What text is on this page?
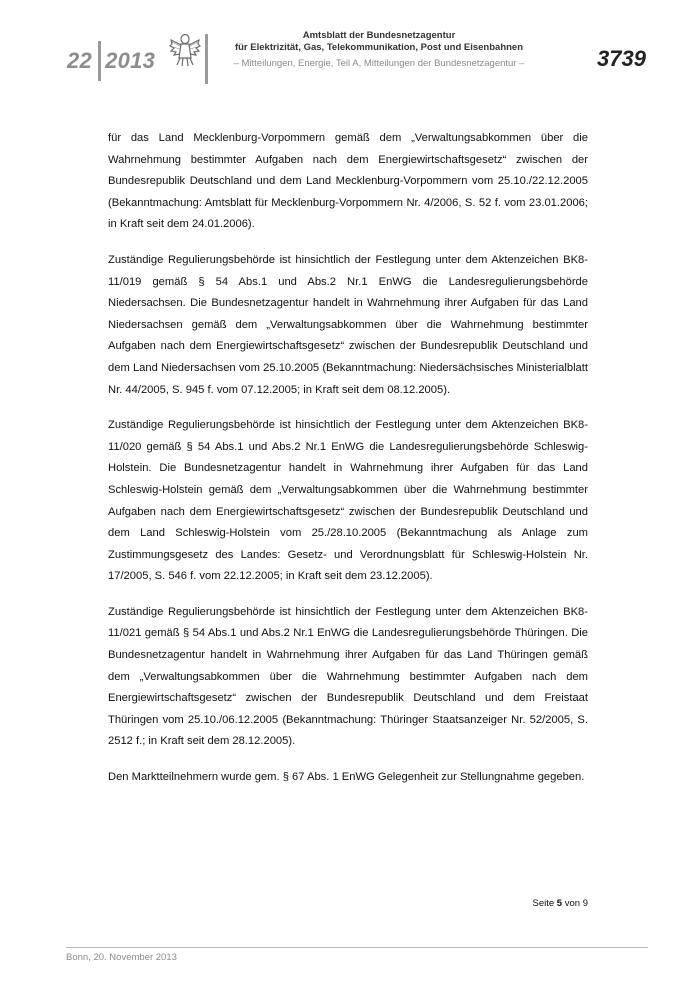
22 2013
Amtsblatt der Bundesnetzagentur
für Elektrizität, Gas, Telekommunikation, Post und Eisenbahnen
– Mitteilungen, Energie, Teil A, Mitteilungen der Bundesnetzagentur –	3739

für das Land Mecklenburg-Vorpommern gemäß dem „Verwaltungsabkommen über die Wahrnehmung bestimmter Aufgaben nach dem Energiewirtschaftsgesetz“ zwischen der Bundesrepublik Deutschland und dem Land Mecklenburg-Vorpommern vom 25.10./22.12.2005 (Bekanntmachung: Amtsblatt für Mecklenburg-Vorpommern Nr. 4/2006, S. 52 f. vom 23.01.2006; in Kraft seit dem 24.01.2006).

Zuständige Regulierungsbehörde ist hinsichtlich der Festlegung unter dem Aktenzeichen BK8-11/019 gemäß § 54 Abs.1 und Abs.2 Nr.1 EnWG die Landesregulierungsbehörde Niedersachsen. Die Bundesnetzagentur handelt in Wahrnehmung ihrer Aufgaben für das Land Niedersachsen gemäß dem „Verwaltungsabkommen über die Wahrnehmung bestimmter Aufgaben nach dem Energiewirtschaftsgesetz“ zwischen der Bundesrepublik Deutschland und dem Land Niedersachsen vom 25.10.2005 (Bekanntmachung: Niedersächsisches Ministerialblatt Nr. 44/2005, S. 945 f. vom 07.12.2005; in Kraft seit dem 08.12.2005).

Zuständige Regulierungsbehörde ist hinsichtlich der Festlegung unter dem Aktenzeichen BK8-11/020 gemäß § 54 Abs.1 und Abs.2 Nr.1 EnWG die Landesregulierungsbehörde Schleswig-Holstein. Die Bundesnetzagentur handelt in Wahrnehmung ihrer Aufgaben für das Land Schleswig-Holstein gemäß dem „Verwaltungsabkommen über die Wahrnehmung bestimmter Aufgaben nach dem Energiewirtschaftsgesetz“ zwischen der Bundesrepublik Deutschland und dem Land Schleswig-Holstein vom 25./28.10.2005 (Bekanntmachung als Anlage zum Zustimmungsgesetz des Landes: Gesetz- und Verordnungsblatt für Schleswig-Holstein Nr. 17/2005, S. 546 f. vom 22.12.2005; in Kraft seit dem 23.12.2005).

Zuständige Regulierungsbehörde ist hinsichtlich der Festlegung unter dem Aktenzeichen BK8-11/021 gemäß § 54 Abs.1 und Abs.2 Nr.1 EnWG die Landesregulierungsbehörde Thüringen. Die Bundesnetzagentur handelt in Wahrnehmung ihrer Aufgaben für das Land Thüringen gemäß dem „Verwaltungsabkommen über die Wahrnehmung bestimmter Aufgaben nach dem Energiewirtschaftsgesetz“ zwischen der Bundesrepublik Deutschland und dem Freistaat Thüringen vom 25.10./06.12.2005 (Bekanntmachung: Thüringer Staatsanzeiger Nr. 52/2005, S. 2512 f.; in Kraft seit dem 28.12.2005).

Den Marktteilnehmern wurde gem. § 67 Abs. 1 EnWG Gelegenheit zur Stellungnahme gegeben.

Seite 5 von 9
Bonn, 20. November 2013
